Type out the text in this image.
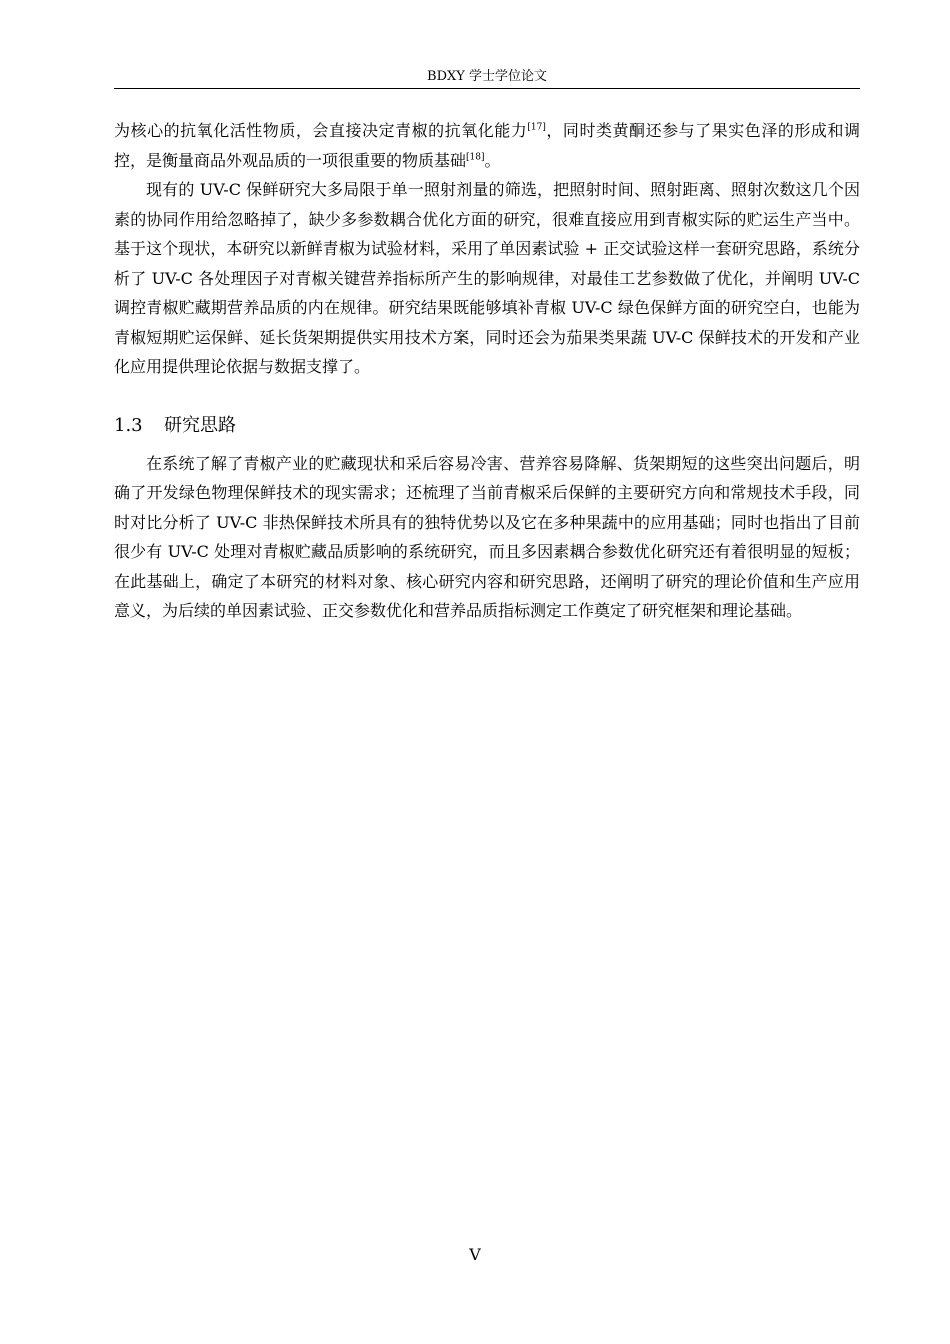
BDXY 学士学位论文

为核心的抗氧化活性物质，会直接决定青椒的抗氧化能力[17]，同时类黄酮还参与了果实色泽的形成和调控，是衡量商品外观品质的一项很重要的物质基础[18]。

现有的 UV-C 保鲜研究大多局限于单一照射剂量的筛选，把照射时间、照射距离、照射次数这几个因素的协同作用给忽略掉了，缺少多参数耦合优化方面的研究，很难直接应用到青椒实际的贮运生产当中。基于这个现状，本研究以新鲜青椒为试验材料，采用了单因素试验 + 正交试验这样一套研究思路，系统分析了 UV-C 各处理因子对青椒关键营养指标所产生的影响规律，对最佳工艺参数做了优化，并阐明 UV-C 调控青椒贮藏期营养品质的内在规律。研究结果既能够填补青椒 UV-C 绿色保鲜方面的研究空白，也能为青椒短期贮运保鲜、延长货架期提供实用技术方案，同时还会为茄果类果蔬 UV-C 保鲜技术的开发和产业化应用提供理论依据与数据支撑了。

1.3 研究思路

在系统了解了青椒产业的贮藏现状和采后容易冷害、营养容易降解、货架期短的这些突出问题后，明确了开发绿色物理保鲜技术的现实需求；还梳理了当前青椒采后保鲜的主要研究方向和常规技术手段，同时对比分析了 UV-C 非热保鲜技术所具有的独特优势以及它在多种果蔬中的应用基础；同时也指出了目前很少有 UV-C 处理对青椒贮藏品质影响的系统研究，而且多因素耦合参数优化研究还有着很明显的短板；在此基础上，确定了本研究的材料对象、核心研究内容和研究思路，还阐明了研究的理论价值和生产应用意义，为后续的单因素试验、正交参数优化和营养品质指标测定工作奠定了研究框架和理论基础。

V
